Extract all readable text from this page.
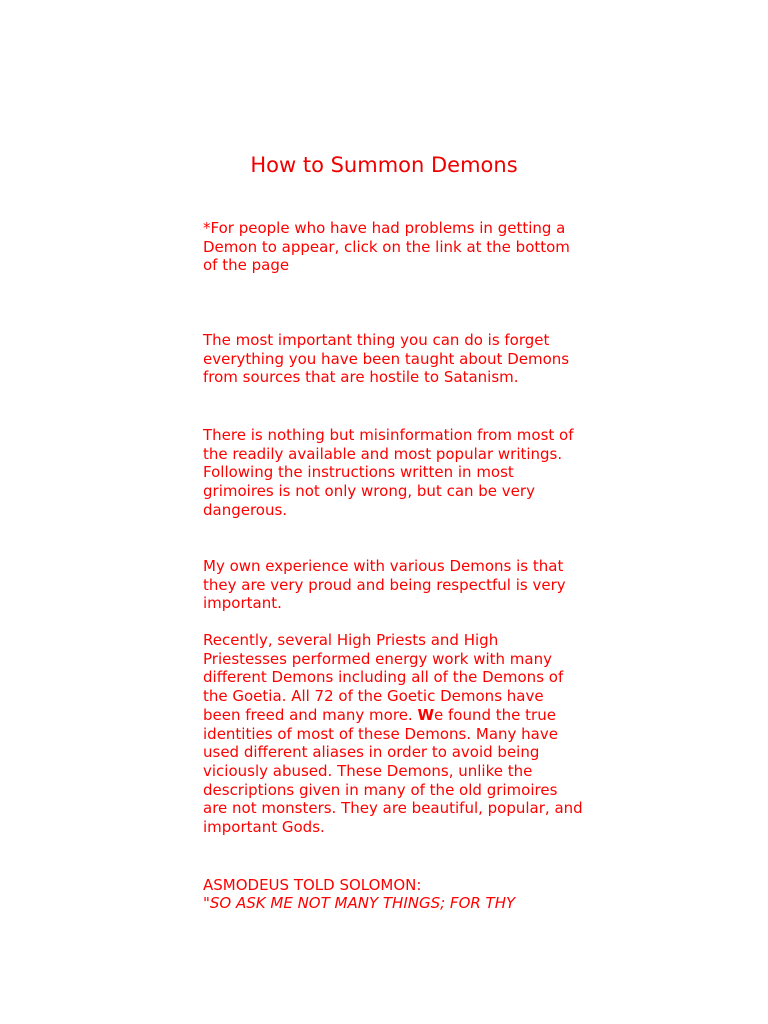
How to Summon Demons

*For people who have had problems in getting a Demon to appear, click on the link at the bottom of the page

The most important thing you can do is forget everything you have been taught about Demons from sources that are hostile to Satanism.

There is nothing but misinformation from most of the readily available and most popular writings. Following the instructions written in most grimoires is not only wrong, but can be very dangerous.

My own experience with various Demons is that they are very proud and being respectful is very important.

Recently, several High Priests and High Priestesses performed energy work with many different Demons including all of the Demons of the Goetia. All 72 of the Goetic Demons have been freed and many more. We found the true identities of most of these Demons. Many have used different aliases in order to avoid being viciously abused. These Demons, unlike the descriptions given in many of the old grimoires are not monsters. They are beautiful, popular, and important Gods.

ASMODEUS TOLD SOLOMON:

"SO ASK ME NOT MANY THINGS; FOR THY
